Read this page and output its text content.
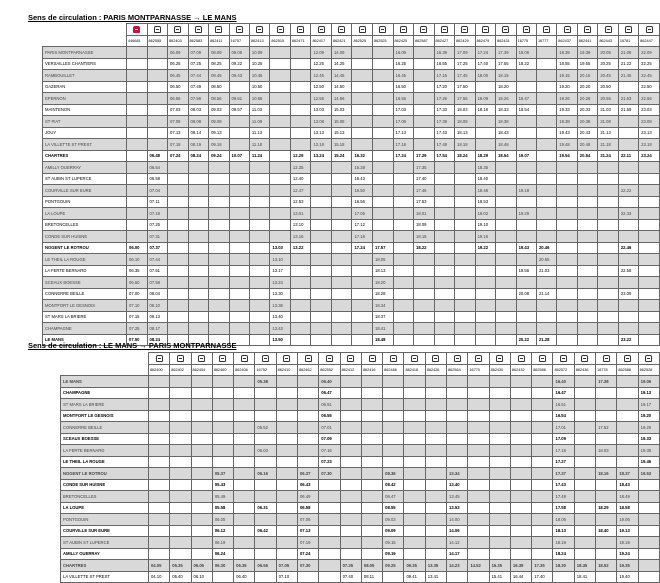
Sens de circulation : PARIS MONTPARNASSE → LE MANS

	446681	862555	862403	862583	862411	16757	862413	862515	862471	862417	862421	862525	862525	862425	862587	862427	862429	862479	862431	16775	16777	862437	862441	862443	16781	862447
PARIS MONTPARNASSE			06.09	07.09	08.09	09.06	10.09			12.09	14.09			16.09		16.39	17.09	17.24	17.39	18.06		18.39	19.39	20.09	21.06	22.09
VERSAILLES CHANTIERS			06.25	07.25	08.25	09.22	10.25			12.25	14.25			16.25		16.55	17.25	17.40	17.55	18.22		18.55	19.55	20.25	21.22	22.25
RAMBOUILLET			06.45	07.44	08.45	09.43	10.45			12.45	14.45			16.45		17.15	17.45	18.00	18.15			19.15	20.15	20.45	21.45	22.45
GAZERAN			06.50	07.49	08.50		10.50			12.50	14.50			16.50		17.20	17.50		18.20			19.20	20.20	20.50		22.50
EPERNON			06.56	07.56	08.56	09.51	10.56			12.56	14.56			16.56		17.26	17.56	18.09	18.26	18.47		19.26	20.26	20.56	21.53	22.56
MAINTENON			07.03	08.03	09.03	09.57	11.03			13.03	15.03			17.03		17.33	18.03	18.16	18.33	18.54		19.33	20.33	21.03	21.59	23.03
ST PIAT			07.08	08.08	09.08		11.08			13.08	15.08			17.08		17.38	18.08		18.38			19.38	20.38	21.08		23.08
JOUY			07.13	08.14	09.13		11.13			13.13	15.13			17.13		17.43	18.13		18.43			19.43	20.43	21.13		23.13
LA VILLETTE ST PREST			07.18	08.19	09.18		11.18			13.18	15.18			17.18		17.48	18.18		18.48			19.48	20.48	21.18		23.18
CHARTRES		06.48	07.24	08.24	09.24	10.07	11.24		12.29	13.24	15.24	16.32		17.24	17.29	17.54	18.24	18.29	18.54	19.07		19.54	20.54	21.24	22.11	23.24
AMILLY OUERRAY		06.54							12.35			16.38			17.35			18.35								
ST AUBIN ST LUPERCE		06.58							12.40			16.43			17.40			18.40								
COURVILLE SUR EURE		07.04							12.47			16.50			17.46			18.46		19.18					22.22	
PONTGOUIN		07.11							12.53			16.56			17.53			18.53								
LA LOUPE		07.18							13.01			17.05			18.01			19.02		19.29					22.33	
BRETONCELLES		07.25							13.10			17.12			18.09			19.10								
CONDE SUR HUISNE		07.31							13.16			17.18			18.15			19.16								
NOGENT LE ROTROU	06.00	07.37						13.03	13.22			17.24	17.57		18.22			19.22		19.43	20.46				22.46	
LE THEIL LA ROUGE	06.10	07.44						13.10					18.05								20.55					
LA FERTE BERNARD	06.35	07.51						13.17					18.13							19.56	21.03				22.58	
SCEAUX BOESSE	06.50	07.58						13.24					18.20													
CONNERRE BEILLE	07.00	08.04						13.30					18.28							20.08	21.14				23.09	
MONTFORT LE GESNOIS	07.10	08.10						13.36					18.34													
ST MARS LA BRIERE	07.15	08.13						13.40					18.37													
CHAMPAGNE	07.25	08.17						13.43					18.41													
LE MANS	07.50	08.24						13.50					18.48							20.22	21.28				23.22	
Sens de circulation : LE MANS → PARIS MONTPARNASSE

	862400	862402	862404	862460	862406	16752	862410	862462	862552	862412	862416	862466	862418	862426	862564	16770	862430	862432	862586	862572	862436	16778	862588	862528
LE MANS						05.38			06.40											16.40		17.38		19.06
CHAMPAGNE									06.47											16.47				19.13
ST MARS LA BRIERE									06.51											16.51				19.17
MONTFORT LE GESNOIS									06.55											16.54				19.20
CONNERRE BEILLE						05.52			07.01											17.01		17.52		19.26
SCEAUX BOESSE									07.09											17.09				19.33
LA FERTE BERNARD						06.03			07.16											17.18		18.03		19.39
LE THEIL LA ROUGE									07.23											17.27				19.46
NOGENT LE ROTROU				05.37		06.16		06.37	07.30			08.36			13.34					17.37		18.16	18.37	19.53
CONDE SUR HUISNE				05.43				06.43				08.42			13.40					17.43			18.43	
BRETONCELLES				05.49				06.49				08.47			13.45					17.49			18.49	
LA LOUPE				05.58		06.31		06.58				08.55			13.53					17.58		18.29	18.58	
PONTGOUIN				06.05				07.06				09.03			14.00					18.06			19.06	
COURVILLE SUR EURE				06.12		06.42		07.13				09.09			14.06					18.13		18.40	19.13	
ST AUBIN ST LUPERCE				06.19				07.19				09.15			14.12					18.19			19.19	
AMILLY OUERRAY				06.24				07.24				09.19			14.17					18.24			19.24	
CHARTRES	04.05	05.35	06.05	06.30	06.35	06.55	07.05	07.30		07.35	08.05	09.25	09.35	13.35	14.23	14.52	15.35	16.39	17.35	18.30	18.35	18.52	19.35	
LA VILLETTE ST PREST	04.10	05.40	06.10		06.40		07.10			07.40	08.11		09.41	13.41			15.41	16.44	17.40		18.41		19.40	
